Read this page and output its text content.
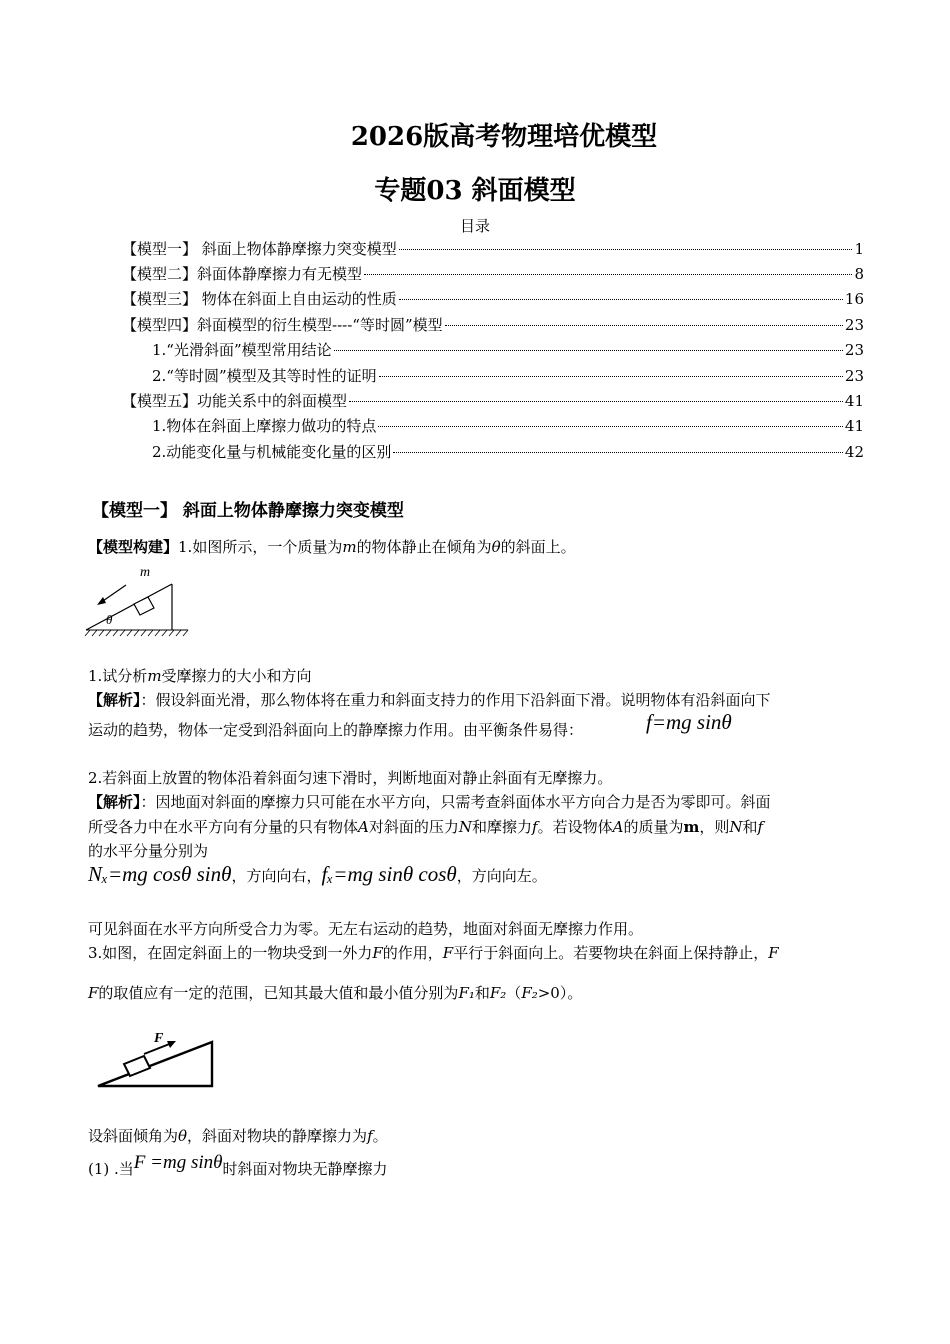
2026版高考物理培优模型
专题03 斜面模型
目录
【模型一】 斜面上物体静摩擦力突变模型	1
【模型二】斜面体静摩擦力有无模型	8
【模型三】 物体在斜面上自由运动的性质	16
【模型四】斜面模型的衍生模型----“等时圆”模型	23
1.“光滑斜面”模型常用结论	23
2.“等时圆”模型及其等时性的证明	23
【模型五】功能关系中的斜面模型	41
1.物体在斜面上摩擦力做功的特点	41
2.动能变化量与机械能变化量的区别	42
【模型一】 斜面上物体静摩擦力突变模型
【模型构建】1.如图所示，一个质量为m的物体静止在倾角为θ的斜面上。
m
θ
1.试分析m受摩擦力的大小和方向
【解析】：假设斜面光滑，那么物体将在重力和斜面支持力的作用下沿斜面下滑。说明物体有沿斜面向下
运动的趋势，物体一定受到沿斜面向上的静摩擦力作用。由平衡条件易得：	f=mg sinθ
2.若斜面上放置的物体沿着斜面匀速下滑时，判断地面对静止斜面有无摩擦力。
【解析】：因地面对斜面的摩擦力只可能在水平方向，只需考查斜面体水平方向合力是否为零即可。斜面
所受各力中在水平方向有分量的只有物体A对斜面的压力N和摩擦力f。若设物体A的质量为m，则N和f
的水平分量分别为
Nₓ=mg cosθ sinθ，方向向右，fₓ=mg sinθ cosθ，方向向左。
可见斜面在水平方向所受合力为零。无左右运动的趋势，地面对斜面无摩擦力作用。
3.如图，在固定斜面上的一物块受到一外力F的作用，F平行于斜面向上。若要物块在斜面上保持静止，F
F的取值应有一定的范围，已知其最大值和最小值分别为F₁和F₂（F₂>0）。
F
设斜面倾角为θ，斜面对物块的静摩擦力为f。
(1) .当F =mg sinθ时斜面对物块无静摩擦力
